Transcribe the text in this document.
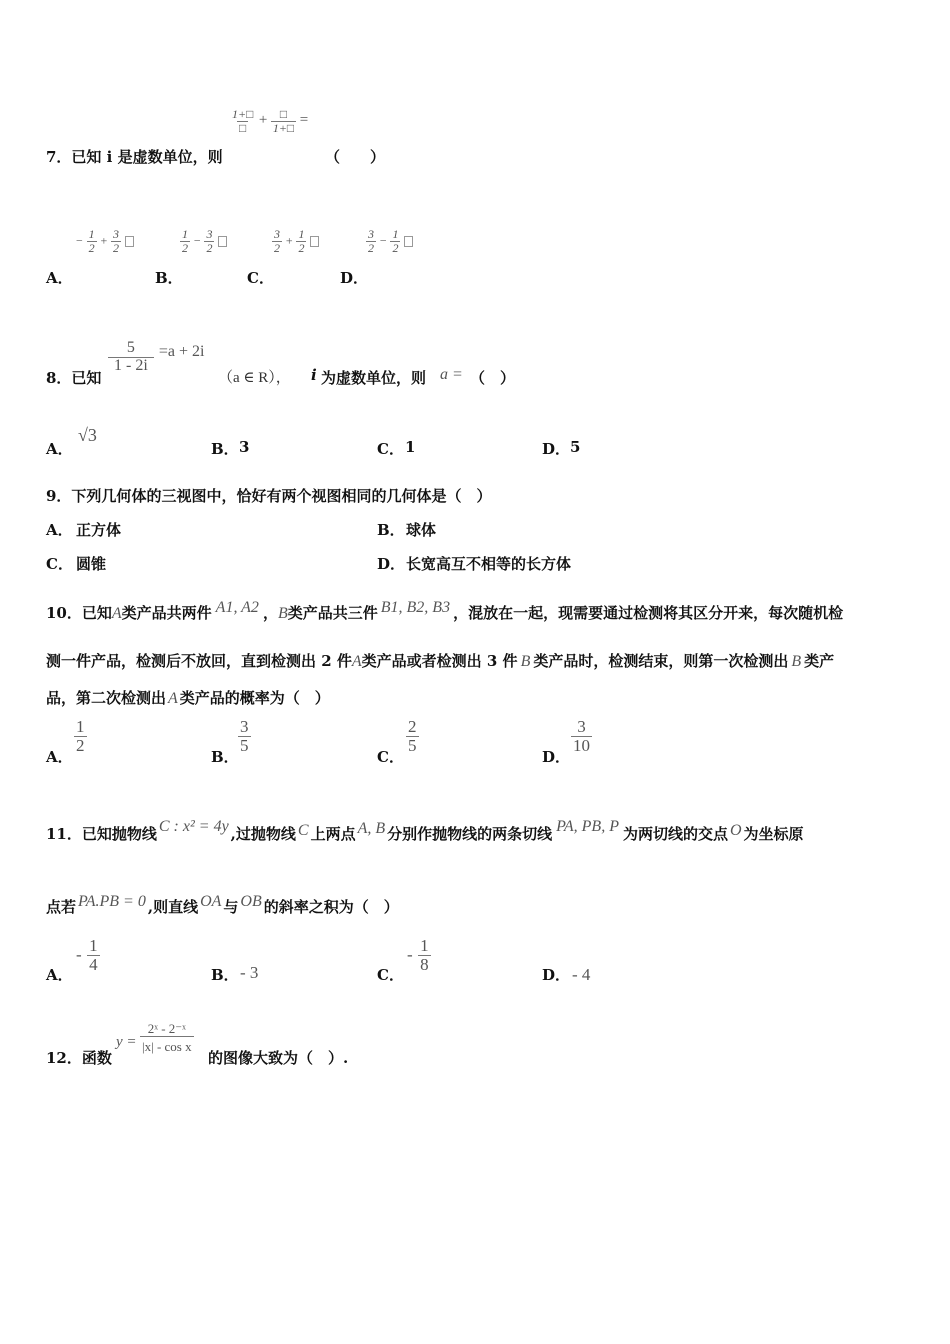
$\frac{1+□}{□} + \frac{□}{1+□}$ =
7．已知 i 是虚数单位，则	（　　）
− $\frac{1}{2} + \frac{3}{2}$
	$\frac{1}{2} - \frac{3}{2}$
	$\frac{3}{2} + \frac{1}{2}$
	$\frac{3}{2} - \frac{1}{2}$

A．	B．	C．	D．
8．已知
$\frac{5}{1 - 2i} =a + 2i$
（a ∈ R）， i 为虚数单位，则 a = （　）
A．
√3
B． 3	C． 1	D． 5
9．下列几何体的三视图中，恰好有两个视图相同的几何体是（　）
A． 正方体	B． 球体
C． 圆锥	D． 长宽高互不相等的长方体
10．已知A类产品共两件 A1, A2 ，B类产品共三件 B1, B2, B3 ，混放在一起，现需要通过检测将其区分开来，每次随机检
测一件产品，检测后不放回，直到检测出 2 件A类产品或者检测出 3 件 B 类产品时，检测结束，则第一次检测出 B 类产
品，第二次检测出 A 类产品的概率为（　）
A．
$\frac{1}{2}$
B．
$\frac{3}{5}$
C．
$\frac{2}{5}$
D．
$\frac{3}{10}$
11．已知抛物线 C : x² = 4y ,过抛物线 C 上两点 A, B 分别作抛物线的两条切线 PA, PB, P 为两切线的交点 O 为坐标原
点若 PA.PB = 0 ,则直线 OA 与 OB 的斜率之积为（　）
A．
- $\frac{1}{4}$
B． - 3	C．
- $\frac{1}{8}$
D． - 4
12．函数
$y = \frac{\text{2ˣ - 2⁻ˣ}}{\text{|x| - cos x}}$
的图像大致为（　）.
